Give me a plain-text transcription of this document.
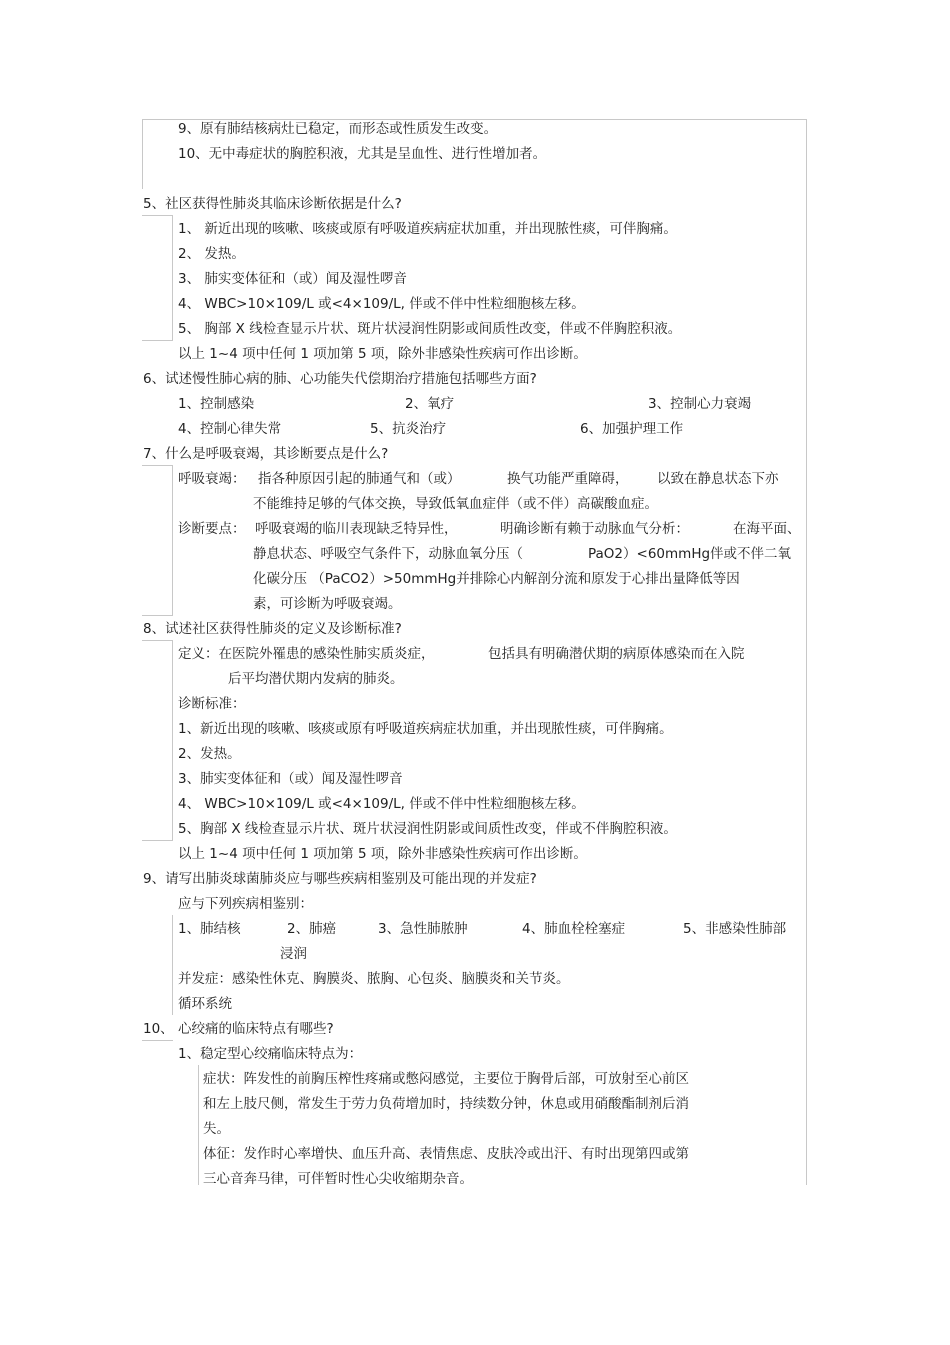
9、原有肺结核病灶已稳定，而形态或性质发生改变。
10、无中毒症状的胸腔积液，尤其是呈血性、进行性增加者。
5、社区获得性肺炎其临床诊断依据是什么?
1、 新近出现的咳嗽、咳痰或原有呼吸道疾病症状加重，并出现脓性痰，可伴胸痛。
2、 发热。
3、 肺实变体征和（或）闻及湿性啰音
4、 WBC>10×109/L 或<4×109/L, 伴或不伴中性粒细胞核左移。
5、 胸部 X 线检查显示片状、斑片状浸润性阴影或间质性改变，伴或不伴胸腔积液。
以上 1~4 项中任何 1 项加第 5 项，除外非感染性疾病可作出诊断。
6、试述慢性肺心病的肺、心功能失代偿期治疗措施包括哪些方面?
1、控制感染	2、氧疗	3、控制心力衰竭
4、控制心律失常	5、抗炎治疗	6、加强护理工作
7、什么是呼吸衰竭，其诊断要点是什么?
呼吸衰竭： 指各种原因引起的肺通气和（或）	换气功能严重障碍， 以致在静息状态下亦
不能维持足够的气体交换，导致低氧血症伴（或不伴）高碳酸血症。
诊断要点： 呼吸衰竭的临川表现缺乏特异性，	明确诊断有赖于动脉血气分析：	在海平面、
静息状态、呼吸空气条件下，动脉血氧分压（	PaO2）<60mmHg伴或不伴二氧
化碳分压 （PaCO2）>50mmHg并排除心内解剖分流和原发于心排出量降低等因
素，可诊断为呼吸衰竭。
8、试述社区获得性肺炎的定义及诊断标准?
定义：在医院外罹患的感染性肺实质炎症，	包括具有明确潜伏期的病原体感染而在入院
后平均潜伏期内发病的肺炎。
诊断标准：
1、新近出现的咳嗽、咳痰或原有呼吸道疾病症状加重，并出现脓性痰，可伴胸痛。
2、发热。
3、肺实变体征和（或）闻及湿性啰音
4、 WBC>10×109/L 或<4×109/L, 伴或不伴中性粒细胞核左移。
5、胸部 X 线检查显示片状、斑片状浸润性阴影或间质性改变，伴或不伴胸腔积液。
以上 1~4 项中任何 1 项加第 5 项，除外非感染性疾病可作出诊断。
9、请写出肺炎球菌肺炎应与哪些疾病相鉴别及可能出现的并发症?
应与下列疾病相鉴别：
1、肺结核	2、肺癌	3、急性肺脓肿	4、肺血栓栓塞症	5、非感染性肺部
浸润
并发症：感染性休克、胸膜炎、脓胸、心包炎、脑膜炎和关节炎。
循环系统
10、 心绞痛的临床特点有哪些?
1、稳定型心绞痛临床特点为：
症状：阵发性的前胸压榨性疼痛或憋闷感觉，主要位于胸骨后部，可放射至心前区
和左上肢尺侧，常发生于劳力负荷增加时，持续数分钟，休息或用硝酸酯制剂后消
失。
体征：发作时心率增快、血压升高、表情焦虑、皮肤冷或出汗、有时出现第四或第
三心音奔马律，可伴暂时性心尖收缩期杂音。
